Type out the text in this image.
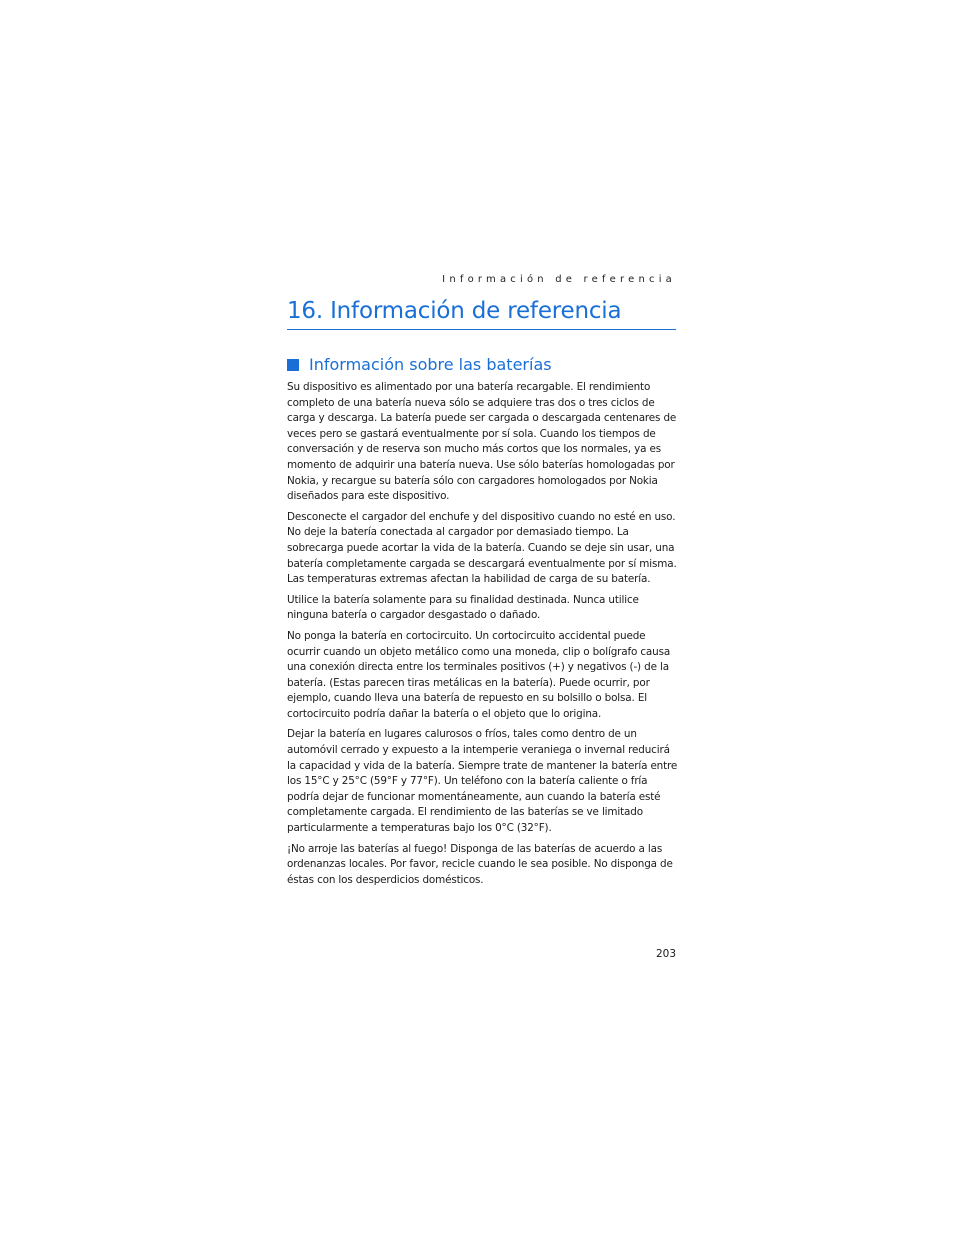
Información de referencia
16. Información de referencia
Información sobre las baterías

Su dispositivo es alimentado por una batería recargable. El rendimiento completo de una batería nueva sólo se adquiere tras dos o tres ciclos de carga y descarga. La batería puede ser cargada o descargada centenares de veces pero se gastará eventualmente por sí sola. Cuando los tiempos de conversación y de reserva son mucho más cortos que los normales, ya es momento de adquirir una batería nueva. Use sólo baterías homologadas por Nokia, y recargue su batería sólo con cargadores homologados por Nokia diseñados para este dispositivo.

Desconecte el cargador del enchufe y del dispositivo cuando no esté en uso. No deje la batería conectada al cargador por demasiado tiempo. La sobrecarga puede acortar la vida de la batería. Cuando se deje sin usar, una batería completamente cargada se descargará eventualmente por sí misma. Las temperaturas extremas afectan la habilidad de carga de su batería.

Utilice la batería solamente para su finalidad destinada. Nunca utilice ninguna batería o cargador desgastado o dañado.

No ponga la batería en cortocircuito. Un cortocircuito accidental puede ocurrir cuando un objeto metálico como una moneda, clip o bolígrafo causa una conexión directa entre los terminales positivos (+) y negativos (-) de la batería. (Estas parecen tiras metálicas en la batería). Puede ocurrir, por ejemplo, cuando lleva una batería de repuesto en su bolsillo o bolsa. El cortocircuito podría dañar la batería o el objeto que lo origina.

Dejar la batería en lugares calurosos o fríos, tales como dentro de un automóvil cerrado y expuesto a la intemperie veraniega o invernal reducirá la capacidad y vida de la batería. Siempre trate de mantener la batería entre los 15°C y 25°C (59°F y 77°F). Un teléfono con la batería caliente o fría podría dejar de funcionar momentáneamente, aun cuando la batería esté completamente cargada. El rendimiento de las baterías se ve limitado particularmente a temperaturas bajo los 0°C (32°F).

¡No arroje las baterías al fuego! Disponga de las baterías de acuerdo a las ordenanzas locales. Por favor, recicle cuando le sea posible. No disponga de éstas con los desperdicios domésticos.

203
